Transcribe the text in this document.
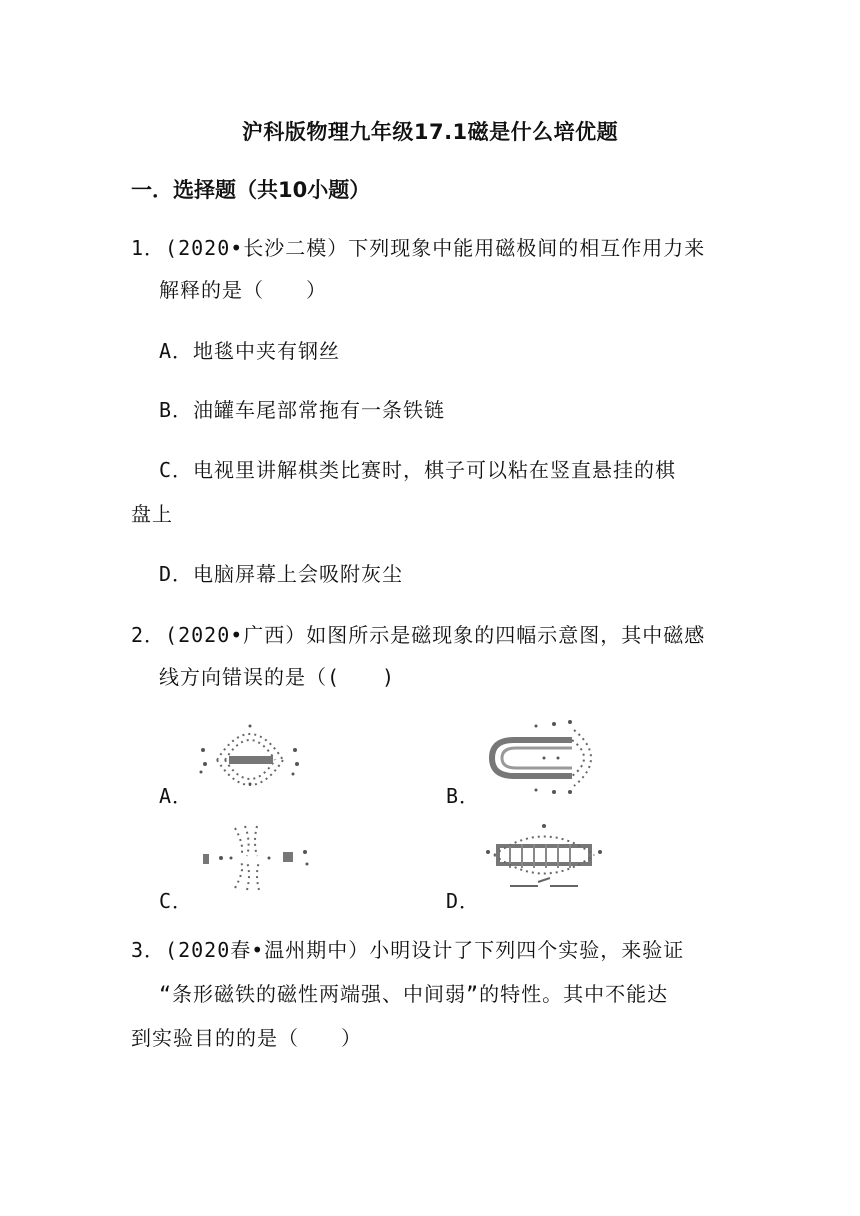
沪科版物理九年级17.1磁是什么培优题
一．选择题（共10小题）
1．(2020•长沙二模）下列现象中能用磁极间的相互作用力来
解释的是（　　）
A．地毯中夹有钢丝
B．油罐车尾部常拖有一条铁链
C．电视里讲解棋类比赛时，棋子可以粘在竖直悬挂的棋
盘上
D．电脑屏幕上会吸附灰尘
2．(2020•广西）如图所示是磁现象的四幅示意图，其中磁感
线方向错误的是（(　　)
A．	B．
C．	D．
3．(2020春•温州期中）小明设计了下列四个实验，来验证
“条形磁铁的磁性两端强、中间弱”的特性。其中不能达
到实验目的的是（　　）
